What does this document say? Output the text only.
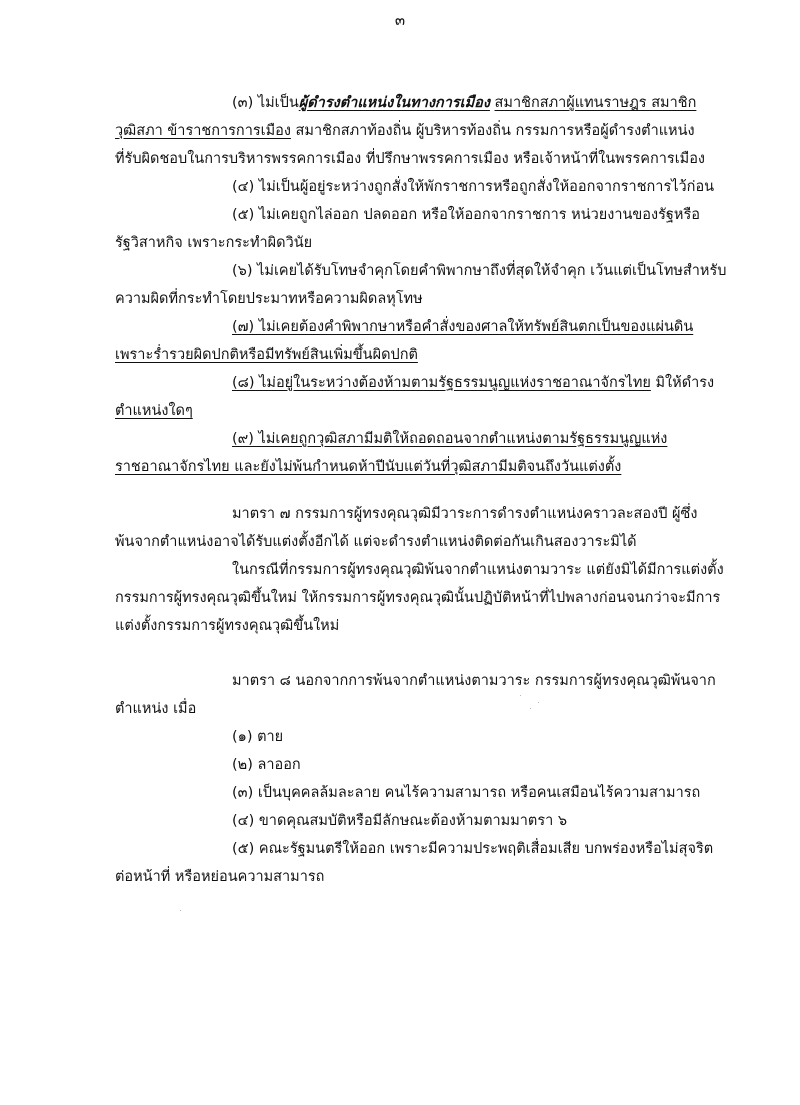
๓
(๓) ไม่เป็นผู้ดำรงตำแหน่งในทางการเมือง สมาชิกสภาผู้แทนราษฎร สมาชิก
วุฒิสภา ข้าราชการการเมือง สมาชิกสภาท้องถิ่น ผู้บริหารท้องถิ่น กรรมการหรือผู้ดำรงตำแหน่ง
ที่รับผิดชอบในการบริหารพรรคการเมือง ที่ปรึกษาพรรคการเมือง หรือเจ้าหน้าที่ในพรรคการเมือง
(๔) ไม่เป็นผู้อยู่ระหว่างถูกสั่งให้พักราชการหรือถูกสั่งให้ออกจากราชการไว้ก่อน
(๕) ไม่เคยถูกไล่ออก ปลดออก หรือให้ออกจากราชการ หน่วยงานของรัฐหรือ
รัฐวิสาหกิจ เพราะกระทำผิดวินัย
(๖) ไม่เคยได้รับโทษจำคุกโดยคำพิพากษาถึงที่สุดให้จำคุก เว้นแต่เป็นโทษสำหรับ
ความผิดที่กระทำโดยประมาทหรือความผิดลหุโทษ
(๗) ไม่เคยต้องคำพิพากษาหรือคำสั่งของศาลให้ทรัพย์สินตกเป็นของแผ่นดิน
เพราะร่ำรวยผิดปกติหรือมีทรัพย์สินเพิ่มขึ้นผิดปกติ
(๘) ไม่อยู่ในระหว่างต้องห้ามตามรัฐธรรมนูญแห่งราชอาณาจักรไทย มิให้ดำรง
ตำแหน่งใดๆ
(๙) ไม่เคยถูกวุฒิสภามีมติให้ถอดถอนจากตำแหน่งตามรัฐธรรมนูญแห่ง
ราชอาณาจักรไทย และยังไม่พ้นกำหนดห้าปีนับแต่วันที่วุฒิสภามีมติจนถึงวันแต่งตั้ง
มาตรา ๗ กรรมการผู้ทรงคุณวุฒิมีวาระการดำรงตำแหน่งคราวละสองปี ผู้ซึ่ง
พ้นจากตำแหน่งอาจได้รับแต่งตั้งอีกได้ แต่จะดำรงตำแหน่งติดต่อกันเกินสองวาระมิได้
ในกรณีที่กรรมการผู้ทรงคุณวุฒิพ้นจากตำแหน่งตามวาระ แต่ยังมิได้มีการแต่งตั้ง
กรรมการผู้ทรงคุณวุฒิขึ้นใหม่ ให้กรรมการผู้ทรงคุณวุฒินั้นปฏิบัติหน้าที่ไปพลางก่อนจนกว่าจะมีการ
แต่งตั้งกรรมการผู้ทรงคุณวุฒิขึ้นใหม่
มาตรา ๘ นอกจากการพ้นจากตำแหน่งตามวาระ กรรมการผู้ทรงคุณวุฒิพ้นจาก
ตำแหน่ง เมื่อ
(๑) ตาย
(๒) ลาออก
(๓) เป็นบุคคลล้มละลาย คนไร้ความสามารถ หรือคนเสมือนไร้ความสามารถ
(๔) ขาดคุณสมบัติหรือมีลักษณะต้องห้ามตามมาตรา ๖
(๕) คณะรัฐมนตรีให้ออก เพราะมีความประพฤติเสื่อมเสีย บกพร่องหรือไม่สุจริต
ต่อหน้าที่ หรือหย่อนความสามารถ
